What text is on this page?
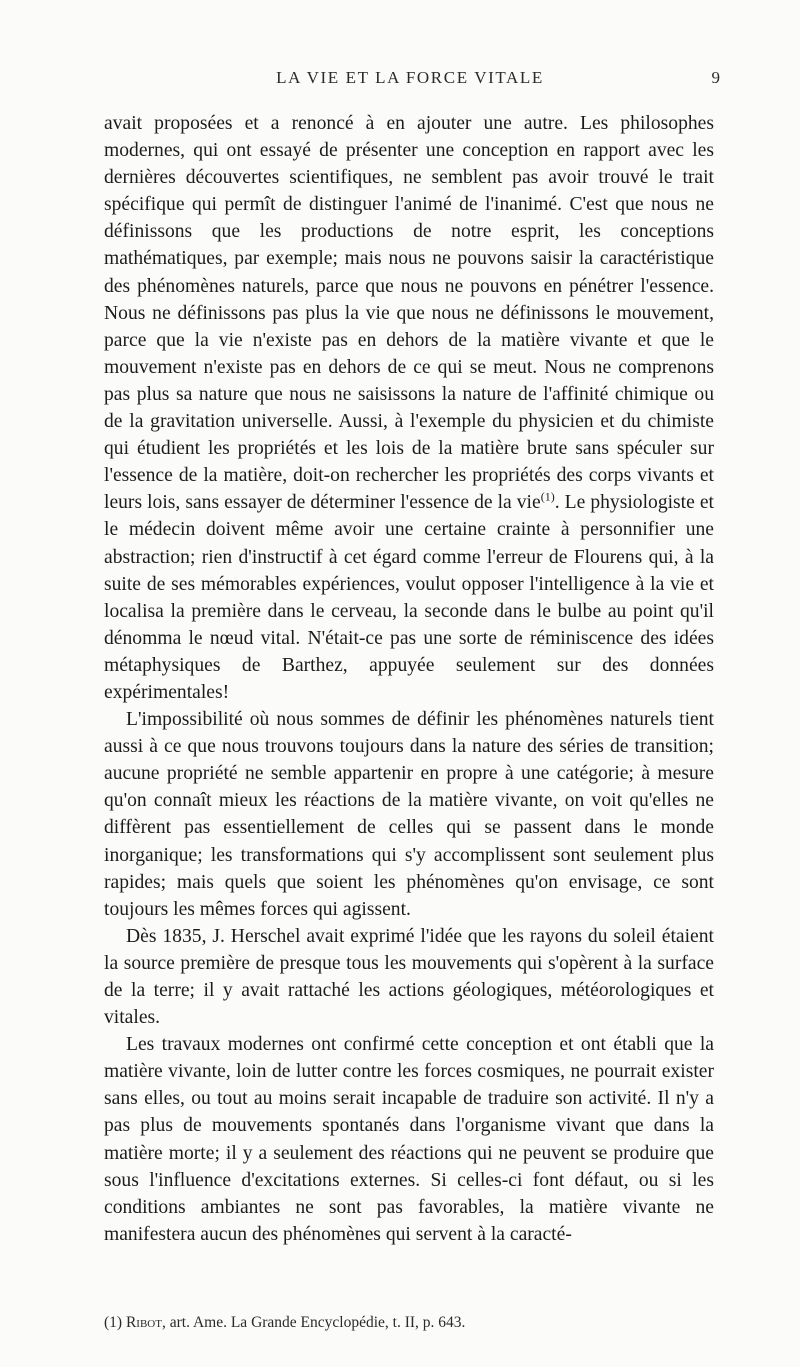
LA VIE ET LA FORCE VITALE	9

avait proposées et a renoncé à en ajouter une autre. Les philosophes modernes, qui ont essayé de présenter une conception en rapport avec les dernières découvertes scientifiques, ne semblent pas avoir trouvé le trait spécifique qui permît de distinguer l'animé de l'inanimé. C'est que nous ne définissons que les productions de notre esprit, les conceptions mathématiques, par exemple; mais nous ne pouvons saisir la caractéristique des phénomènes naturels, parce que nous ne pouvons en pénétrer l'essence. Nous ne définissons pas plus la vie que nous ne définissons le mouvement, parce que la vie n'existe pas en dehors de la matière vivante et que le mouvement n'existe pas en dehors de ce qui se meut. Nous ne comprenons pas plus sa nature que nous ne saisissons la nature de l'affinité chimique ou de la gravitation universelle. Aussi, à l'exemple du physicien et du chimiste qui étudient les propriétés et les lois de la matière brute sans spéculer sur l'essence de la matière, doit-on rechercher les propriétés des corps vivants et leurs lois, sans essayer de déterminer l'essence de la vie$^{(1)}$. Le physiologiste et le médecin doivent même avoir une certaine crainte à personnifier une abstraction; rien d'instructif à cet égard comme l'erreur de Flourens qui, à la suite de ses mémorables expériences, voulut opposer l'intelligence à la vie et localisa la première dans le cerveau, la seconde dans le bulbe au point qu'il dénomma le nœud vital. N'était-ce pas une sorte de réminiscence des idées métaphysiques de Barthez, appuyée seulement sur des données expérimentales!

L'impossibilité où nous sommes de définir les phénomènes naturels tient aussi à ce que nous trouvons toujours dans la nature des séries de transition; aucune propriété ne semble appartenir en propre à une catégorie; à mesure qu'on connaît mieux les réactions de la matière vivante, on voit qu'elles ne diffèrent pas essentiellement de celles qui se passent dans le monde inorganique; les transformations qui s'y accomplissent sont seulement plus rapides; mais quels que soient les phénomènes qu'on envisage, ce sont toujours les mêmes forces qui agissent.

Dès 1835, J. Herschel avait exprimé l'idée que les rayons du soleil étaient la source première de presque tous les mouvements qui s'opèrent à la surface de la terre; il y avait rattaché les actions géologiques, météorologiques et vitales.

Les travaux modernes ont confirmé cette conception et ont établi que la matière vivante, loin de lutter contre les forces cosmiques, ne pourrait exister sans elles, ou tout au moins serait incapable de traduire son activité. Il n'y a pas plus de mouvements spontanés dans l'organisme vivant que dans la matière morte; il y a seulement des réactions qui ne peuvent se produire que sous l'influence d'excitations externes. Si celles-ci font défaut, ou si les conditions ambiantes ne sont pas favorables, la matière vivante ne manifestera aucun des phénomènes qui servent à la caracté-

(1) Ribot, art. Ame. La Grande Encyclopédie, t. II, p. 643.
